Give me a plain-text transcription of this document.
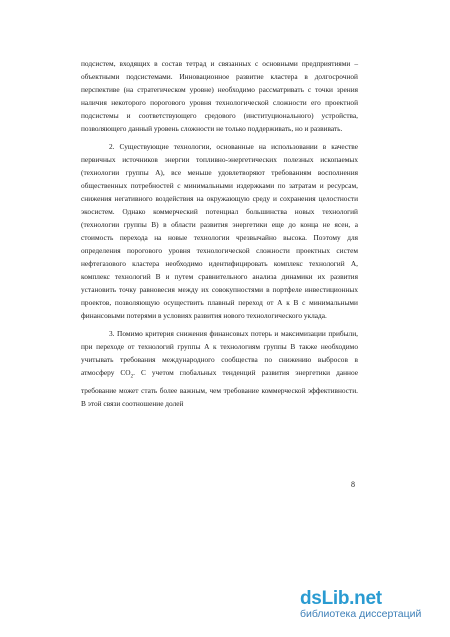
подсистем, входящих в состав тетрад и связанных с основными предприятиями – объектными подсистемами. Инновационное развитие кластера в долгосрочной перспективе (на стратегическом уровне) необходимо рассматривать с точки зрения наличия некоторого порогового уровня технологической сложности его проектной подсистемы и соответствующего средового (институционального) устройства, позволяющего данный уровень сложности не только поддерживать, но и развивать.

2. Существующие технологии, основанные на использовании в качестве первичных источников энергии топливно-энергетических полезных ископаемых (технологии группы А), все меньше удовлетворяют требованиям восполнения общественных потребностей с минимальными издержками по затратам и ресурсам, снижения негативного воздействия на окружающую среду и сохранения целостности экосистем. Однако коммерческий потенциал большинства новых технологий (технологии группы В) в области развития энергетики еще до конца не ясен, а стоимость перехода на новые технологии чрезвычайно высока. Поэтому для определения порогового уровня технологической сложности проектных систем нефтегазового кластера необходимо идентифицировать комплекс технологий А, комплекс технологий В и путем сравнительного анализа динамики их развития установить точку равновесия между их совокупностями в портфеле инвестиционных проектов, позволяющую осуществить плавный переход от А к В с минимальными финансовыми потерями в условиях развития нового технологического уклада.

3. Помимо критерия снижения финансовых потерь и максимизации прибыли, при переходе от технологий группы А к технологиям группы В также необходимо учитывать требования международного сообщества по снижению выбросов в атмосферу $CO_2$. С учетом глобальных тенденций развития энергетики данное требование может стать более важным, чем требование коммерческой эффективности. В этой связи соотношение долей

8
dsLib.net
библиотека диссертаций
